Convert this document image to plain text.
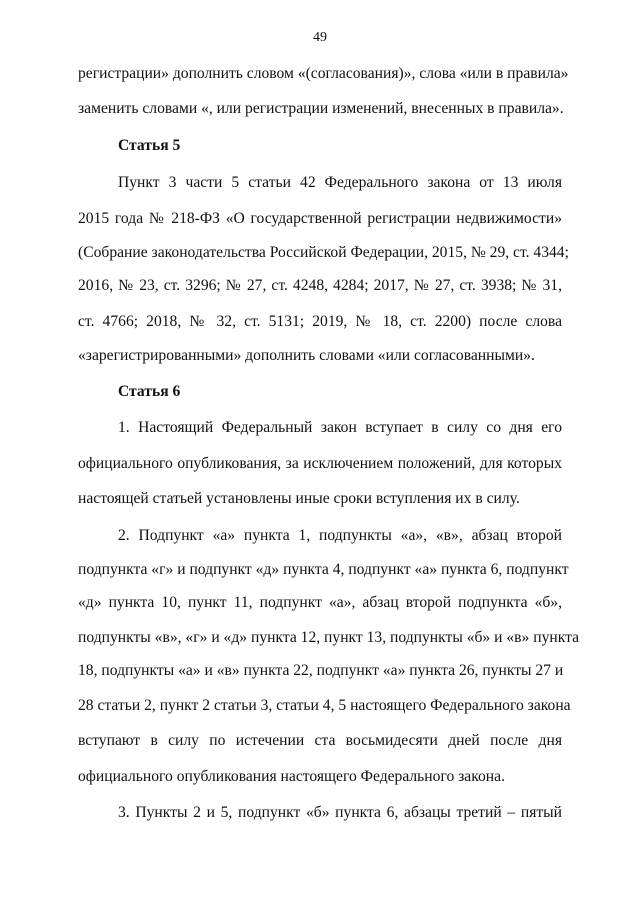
49
регистрации» дополнить словом «(согласования)», слова «или в правила»
заменить словами «, или регистрации изменений, внесенных в правила».
Статья 5
Пункт 3 части 5 статьи 42 Федерального закона от 13 июля
2015 года № 218-ФЗ «О государственной регистрации недвижимости»
(Собрание законодательства Российской Федерации, 2015, № 29, ст. 4344;
2016, № 23, ст. 3296; № 27, ст. 4248, 4284; 2017, № 27, ст. 3938; № 31,
ст. 4766; 2018, № 32, ст. 5131; 2019, № 18, ст. 2200) после слова
«зарегистрированными» дополнить словами «или согласованными».
Статья 6
1. Настоящий Федеральный закон вступает в силу со дня его
официального опубликования, за исключением положений, для которых
настоящей статьей установлены иные сроки вступления их в силу.
2. Подпункт «а» пункта 1, подпункты «а», «в», абзац второй
подпункта «г» и подпункт «д» пункта 4, подпункт «а» пункта 6, подпункт
«д» пункта 10, пункт 11, подпункт «а», абзац второй подпункта «б»,
подпункты «в», «г» и «д» пункта 12, пункт 13, подпункты «б» и «в» пункта
18, подпункты «а» и «в» пункта 22, подпункт «а» пункта 26, пункты 27 и
28 статьи 2, пункт 2 статьи 3, статьи 4, 5 настоящего Федерального закона
вступают в силу по истечении ста восьмидесяти дней после дня
официального опубликования настоящего Федерального закона.
3. Пункты 2 и 5, подпункт «б» пункта 6, абзацы третий – пятый
